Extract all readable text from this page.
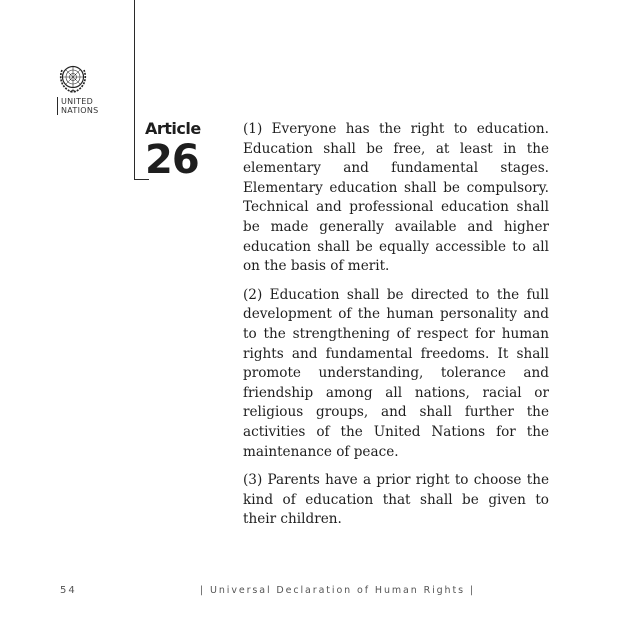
UNITED
NATIONS
Article
26

(1) Everyone has the right to education. Education shall be free, at least in the elementary and fundamental stages. Elementary education shall be compulsory. Technical and professional education shall be made generally available and higher education shall be equally accessible to all on the basis of merit.

(2) Education shall be directed to the full development of the human personality and to the strengthening of respect for human rights and fundamental freedoms. It shall promote understanding, tolerance and friendship among all nations, racial or religious groups, and shall further the activities of the United Nations for the maintenance of peace.

(3) Parents have a prior right to choose the kind of education that shall be given to their children.

54	| Universal Declaration of Human Rights |
